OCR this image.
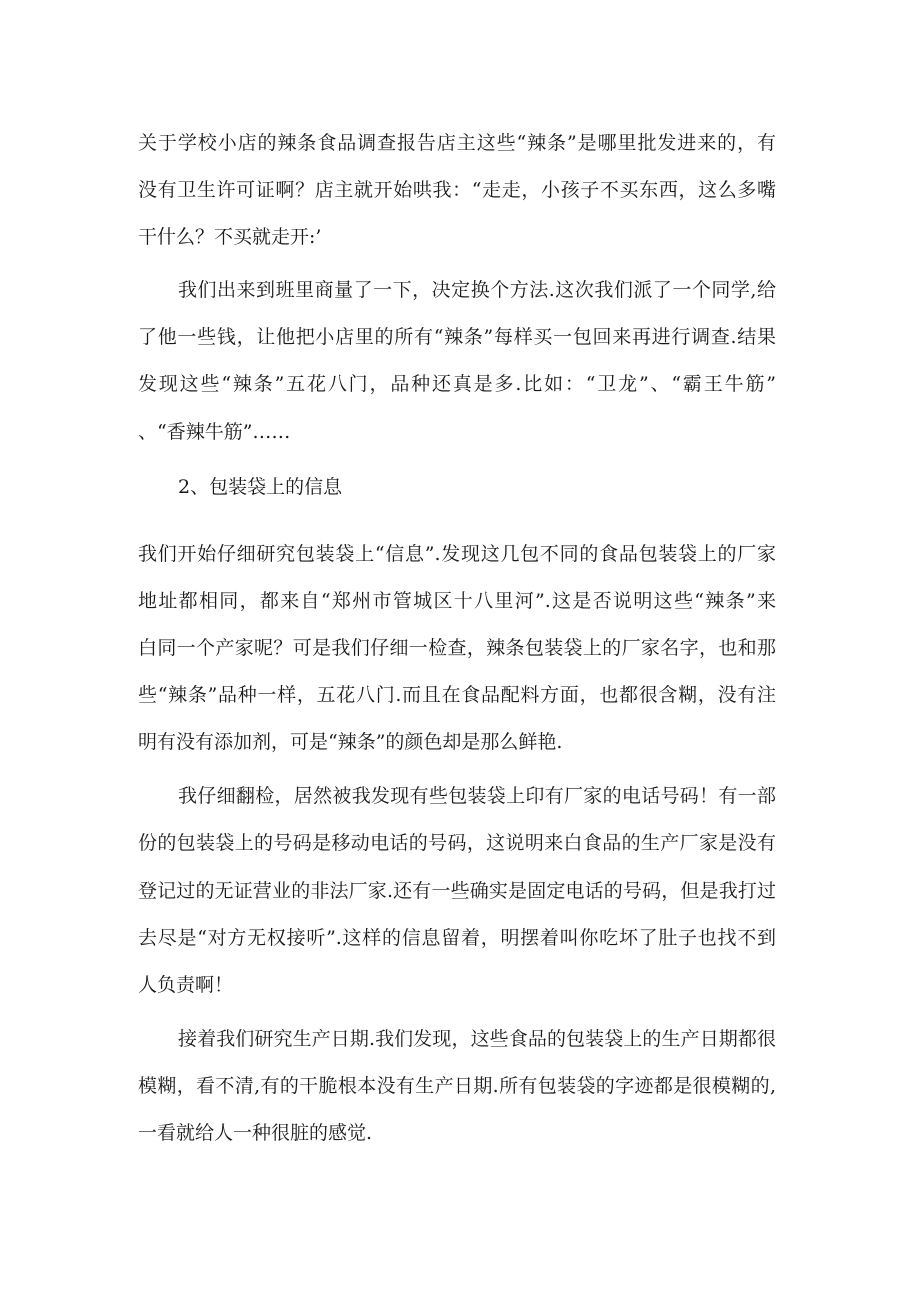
关于学校小店的辣条食品调查报告店主这些“辣条”是哪里批发进来的，有
没有卫生许可证啊？店主就开始哄我：“走走，小孩子不买东西，这么多嘴
干什么？不买就走开:’
我们出来到班里商量了一下，决定换个方法.这次我们派了一个同学,给
了他一些钱，让他把小店里的所有“辣条”每样买一包回来再进行调查.结果
发现这些“辣条”五花八门，品种还真是多.比如：“卫龙”、“霸王牛筋”
、“香辣牛筋”……
2、包装袋上的信息
我们开始仔细研究包装袋上“信息”.发现这几包不同的食品包装袋上的厂家
地址都相同，都来自“郑州市管城区十八里河”.这是否说明这些“辣条”来
白同一个产家呢？可是我们仔细一检查，辣条包装袋上的厂家名字，也和那
些“辣条”品种一样，五花八门.而且在食品配料方面，也都很含糊，没有注
明有没有添加剂，可是“辣条”的颜色却是那么鲜艳.
我仔细翻检，居然被我发现有些包装袋上印有厂家的电话号码！有一部
份的包装袋上的号码是移动电话的号码，这说明来白食品的生产厂家是没有
登记过的无证营业的非法厂家.还有一些确实是固定电话的号码，但是我打过
去尽是“对方无权接听”.这样的信息留着，明摆着叫你吃坏了肚子也找不到
人负责啊！
接着我们研究生产日期.我们发现，这些食品的包装袋上的生产日期都很
模糊，看不清,有的干脆根本没有生产日期.所有包装袋的字迹都是很模糊的,
一看就给人一种很脏的感觉.
